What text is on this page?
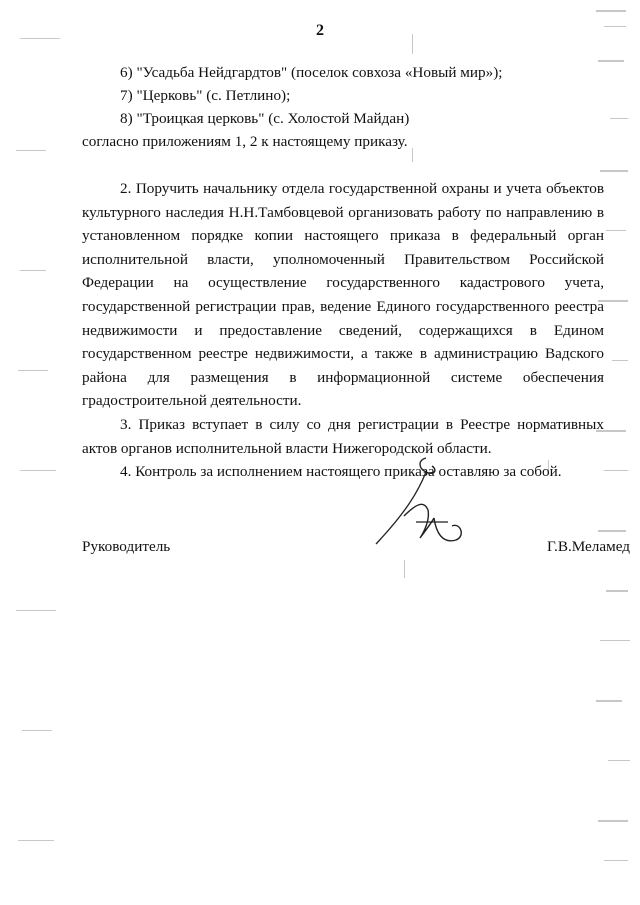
2
6) "Усадьба Нейдгардтов" (поселок совхоза «Новый мир»);
7) "Церковь" (с. Петлино);
8) "Троицкая церковь" (с. Холостой Майдан)
согласно приложениям 1, 2 к настоящему приказу.

2. Поручить начальнику отдела государственной охраны и учета объектов культурного наследия Н.Н.Тамбовцевой организовать работу по направлению в установленном порядке копии настоящего приказа в федеральный орган исполнительной власти, уполномоченный Правительством Российской Федерации на осуществление государственного кадастрового учета, государственной регистрации прав, ведение Единого государственного реестра недвижимости и предоставление сведений, содержащихся в Едином государственном реестре недвижимости, а также в администрацию Вадского района для размещения в информационной системе обеспечения градостроительной деятельности.

3. Приказ вступает в силу со дня регистрации в Реестре нормативных актов органов исполнительной власти Нижегородской области.

4. Контроль за исполнением настоящего приказа оставляю за собой.

Руководитель	Г.В.Меламед
